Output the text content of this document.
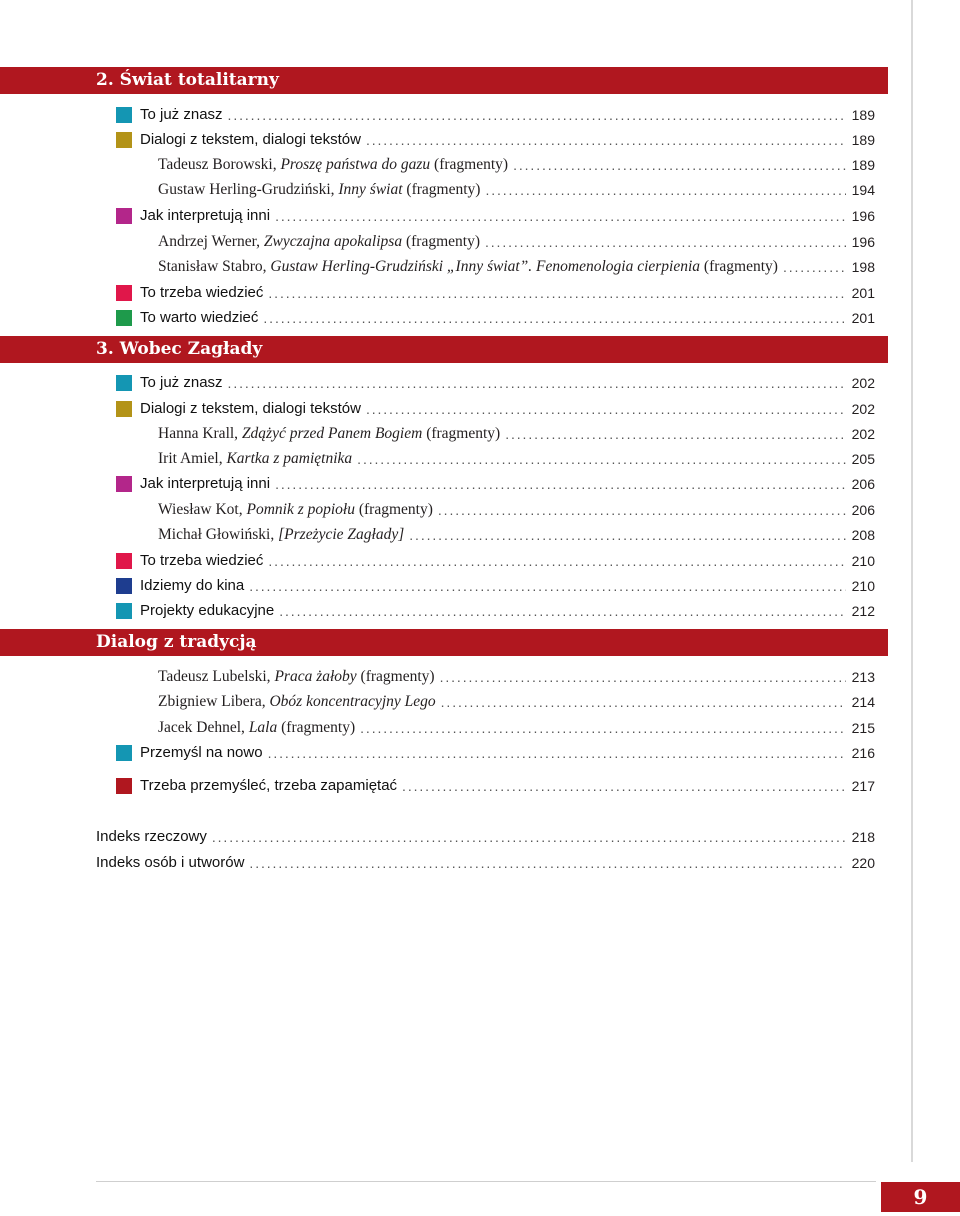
2. Świat totalitarny
To już znasz . . .	189
Dialogi z tekstem, dialogi tekstów . . .	189
Tadeusz Borowski, Proszę państwa do gazu (fragmenty) . . .	189
Gustaw Herling-Grudziński, Inny świat (fragmenty) . . .	194
Jak interpretują inni . . .	196
Andrzej Werner, Zwyczajna apokalipsa (fragmenty) . . .	196
Stanisław Stabro, Gustaw Herling-Grudziński „Inny świat”. Fenomenologia cierpienia (fragmenty) . . .	198
To trzeba wiedzieć . . .	201
To warto wiedzieć . . .	201
3. Wobec Zagłady
To już znasz . . .	202
Dialogi z tekstem, dialogi tekstów . . .	202
Hanna Krall, Zdążyć przed Panem Bogiem (fragmenty) . . .	202
Irit Amiel, Kartka z pamiętnika . . .	205
Jak interpretują inni . . .	206
Wiesław Kot, Pomnik z popiołu (fragmenty) . . .	206
Michał Głowiński, [Przeżycie Zagłady] . . .	208
To trzeba wiedzieć . . .	210
Idziemy do kina . . .	210
Projekty edukacyjne . . .	212
Dialog z tradycją
Tadeusz Lubelski, Praca żałoby (fragmenty) . . .	213
Zbigniew Libera, Obóz koncentracyjny Lego . . .	214
Jacek Dehnel, Lala (fragmenty) . . .	215
Przemyśl na nowo . . .	216
Trzeba przemyśleć, trzeba zapamiętać . . .	217
Indeks rzeczowy . . .	218
Indeks osób i utworów . . .	220
9
